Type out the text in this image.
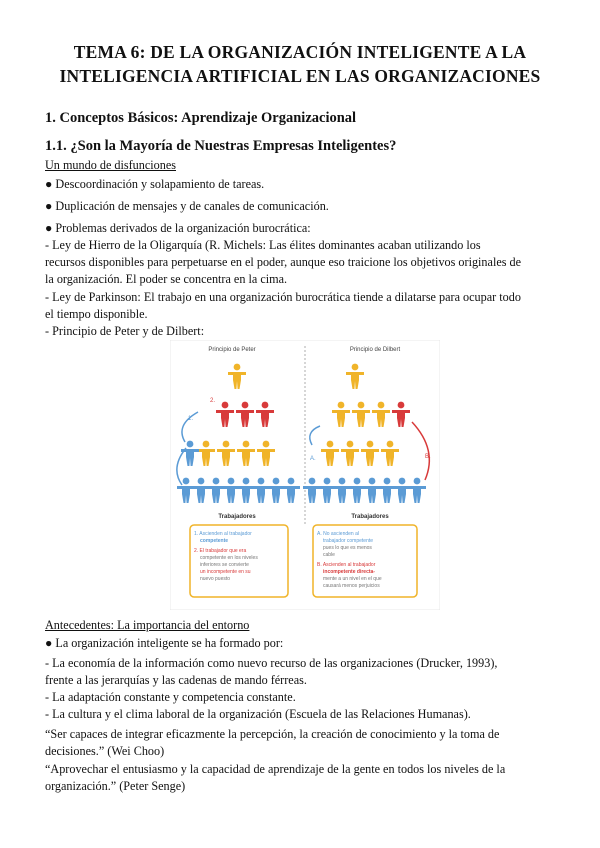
TEMA 6: DE LA ORGANIZACIÓN INTELIGENTE A LA
INTELIGENCIA ARTIFICIAL EN LAS ORGANIZACIONES
1. Conceptos Básicos: Aprendizaje Organizacional
1.1. ¿Son la Mayoría de Nuestras Empresas Inteligentes?
Un mundo de disfunciones
● Descoordinación y solapamiento de tareas.
● Duplicación de mensajes y de canales de comunicación.
● Problemas derivados de la organización burocrática:
- Ley de Hierro de la Oligarquía (R. Michels: Las élites dominantes acaban utilizando los
recursos disponibles para perpetuarse en el poder, aunque eso traicione los objetivos originales de
la organización. El poder se concentra en la cima.
- Ley de Parkinson: El trabajo en una organización burocrática tiende a dilatarse para ocupar todo
el tiempo disponible.
- Principio de Peter y de Dilbert:
Principio de Peter	Principio de Dilbert
2.
1.
B.
A.
Trabajadores	Trabajadores
1. Ascienden al trabajador
competente
2. El trabajador que era
competente en los niveles
inferiores se convierte
un incompetente en su
nuevo puesto
A. No ascienden al
trabajador competente
pues lo que es menos
cable
B. Ascienden al trabajador
incompetente directa-
mente a un nivel en el que
causará menos perjuicios
Antecedentes: La importancia del entorno
● La organización inteligente se ha formado por:
- La economía de la información como nuevo recurso de las organizaciones (Drucker, 1993),
frente a las jerarquías y las cadenas de mando férreas.
- La adaptación constante y competencia constante.
- La cultura y el clima laboral de la organización (Escuela de las Relaciones Humanas).
“Ser capaces de integrar eficazmente la percepción, la creación de conocimiento y la toma de
decisiones.” (Wei Choo)
“Aprovechar el entusiasmo y la capacidad de aprendizaje de la gente en todos los niveles de la
organización.” (Peter Senge)
